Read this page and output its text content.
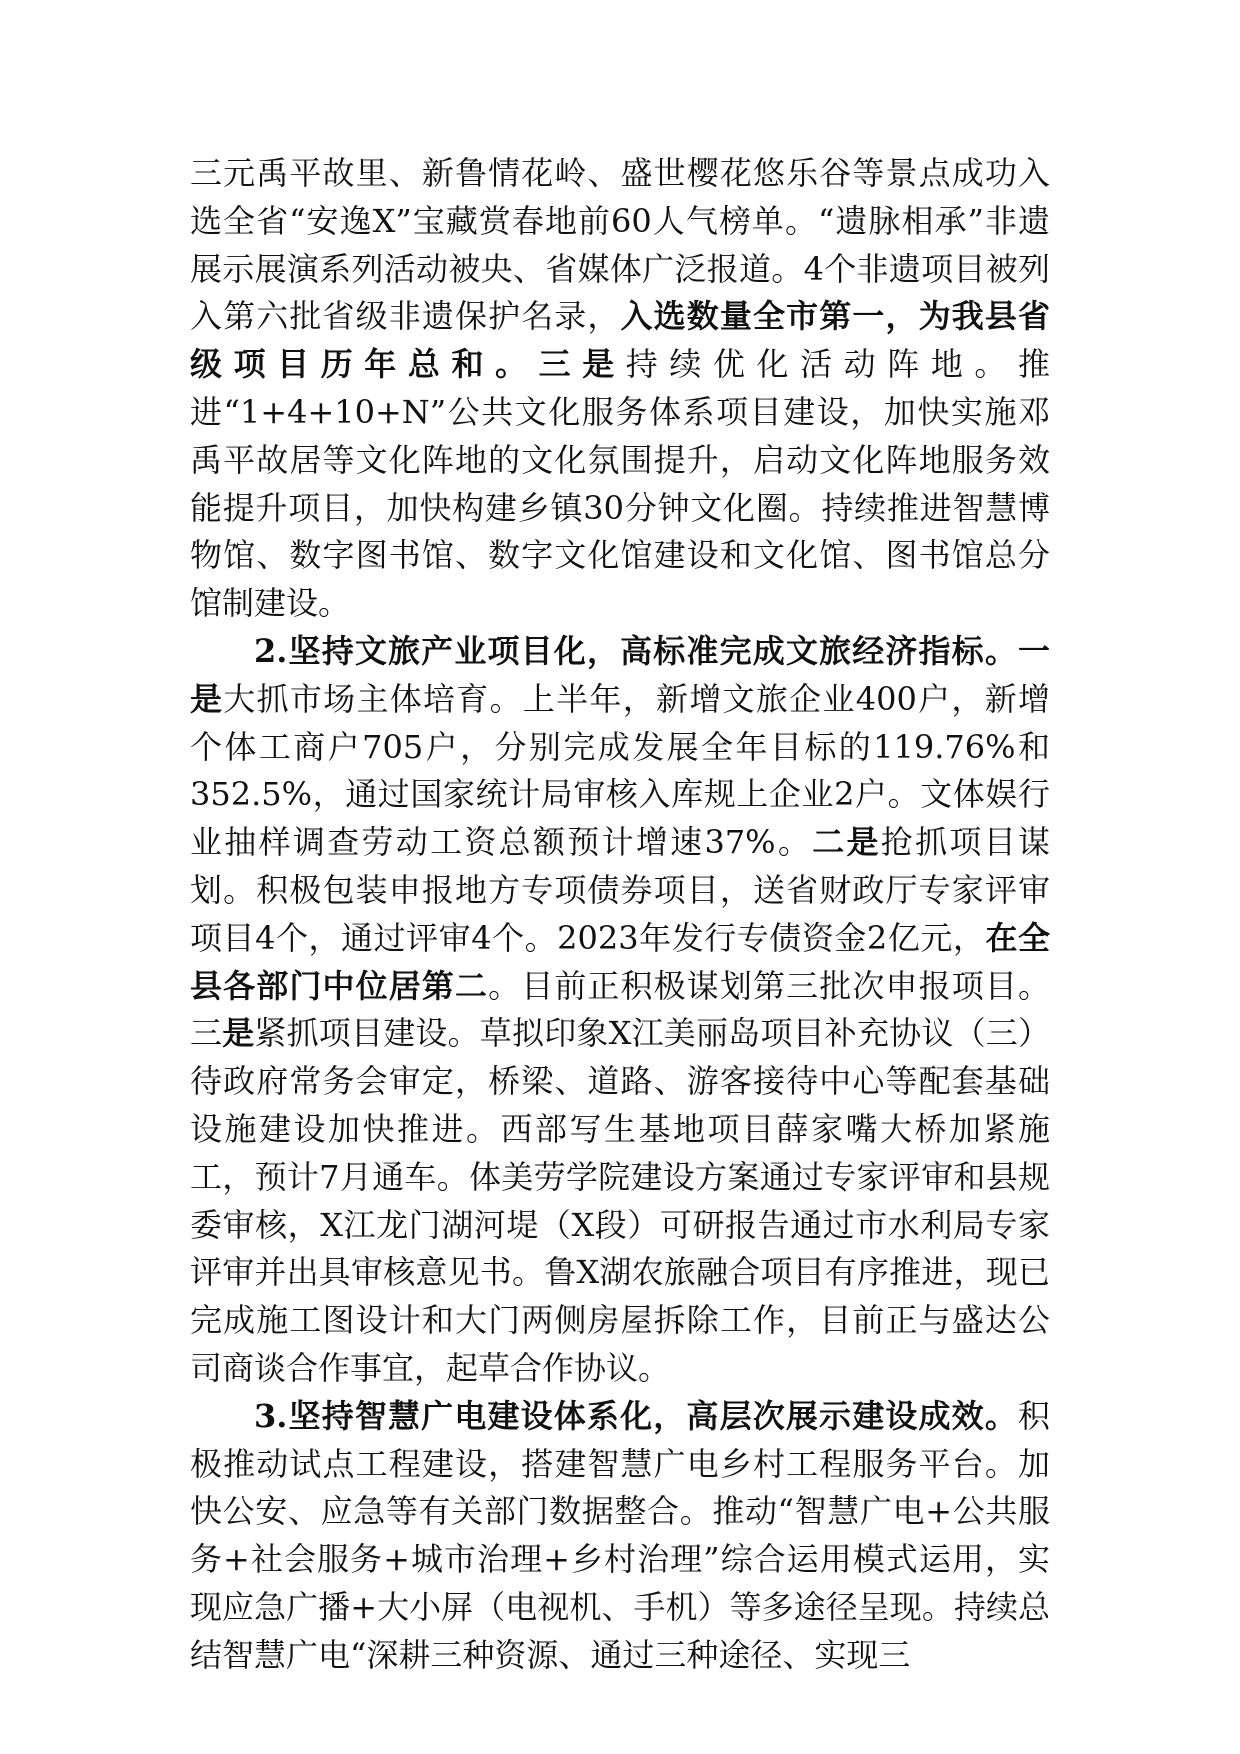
三元禹平故里、新鲁情花岭、盛世樱花悠乐谷等景点成功入选全省“安逸X”宝藏赏春地前60人气榜单。“遗脉相承”非遗展示展演系列活动被央、省媒体广泛报道。4个非遗项目被列入第六批省级非遗保护名录，入选数量全市第一，为我县省级项目历年总和。三是持续优化活动阵地。推进“1+4+10+N”公共文化服务体系项目建设，加快实施邓禹平故居等文化阵地的文化氛围提升，启动文化阵地服务效能提升项目，加快构建乡镇30分钟文化圈。持续推进智慧博物馆、数字图书馆、数字文化馆建设和文化馆、图书馆总分馆制建设。

2.坚持文旅产业项目化，高标准完成文旅经济指标。一是大抓市场主体培育。上半年，新增文旅企业400户，新增个体工商户705户，分别完成发展全年目标的119.76%和352.5%，通过国家统计局审核入库规上企业2户。文体娱行业抽样调查劳动工资总额预计增速37%。二是抢抓项目谋划。积极包装申报地方专项债券项目，送省财政厅专家评审项目4个，通过评审4个。2023年发行专债资金2亿元，在全县各部门中位居第二。目前正积极谋划第三批次申报项目。三是紧抓项目建设。草拟印象X江美丽岛项目补充协议（三）待政府常务会审定，桥梁、道路、游客接待中心等配套基础设施建设加快推进。西部写生基地项目薛家嘴大桥加紧施工，预计7月通车。体美劳学院建设方案通过专家评审和县规委审核，X江龙门湖河堤（X段）可研报告通过市水利局专家评审并出具审核意见书。鲁X湖农旅融合项目有序推进，现已完成施工图设计和大门两侧房屋拆除工作，目前正与盛达公司商谈合作事宜，起草合作协议。

3.坚持智慧广电建设体系化，高层次展示建设成效。积极推动试点工程建设，搭建智慧广电乡村工程服务平台。加快公安、应急等有关部门数据整合。推动“智慧广电+公共服务+社会服务+城市治理+乡村治理”综合运用模式运用，实现应急广播+大小屏（电视机、手机）等多途径呈现。持续总结智慧广电“深耕三种资源、通过三种途径、实现三
